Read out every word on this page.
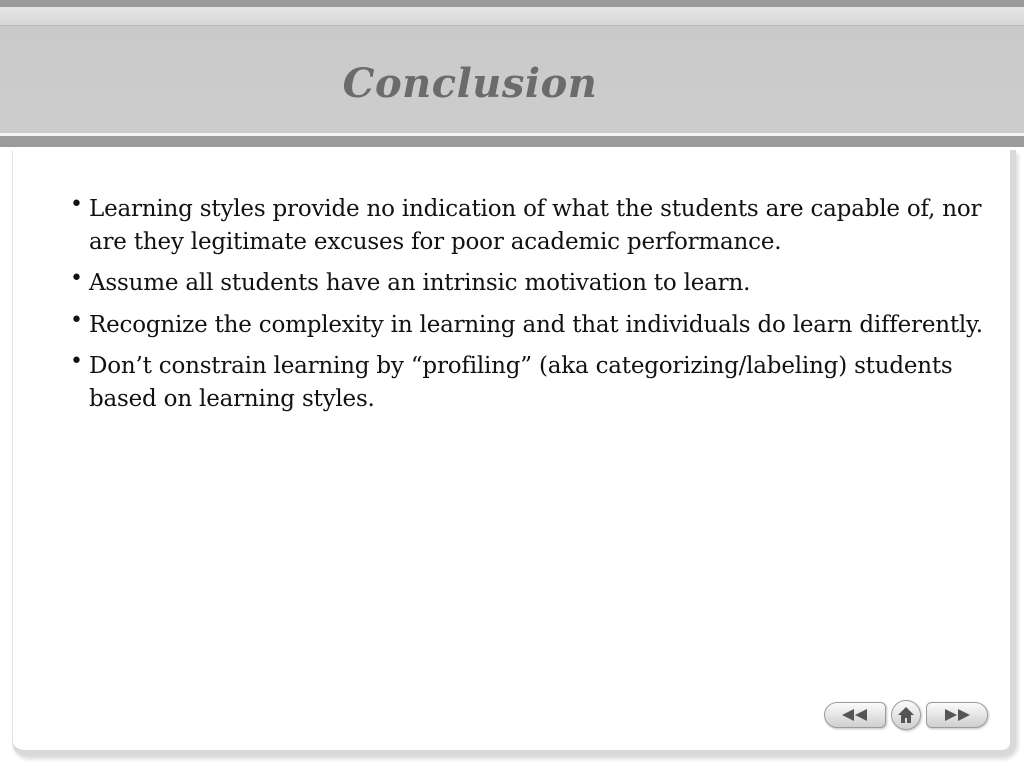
Conclusion
• Learning styles provide no indication of what the students are capable of, nor are they legitimate excuses for poor academic performance.
• Assume all students have an intrinsic motivation to learn.
• Recognize the complexity in learning and that individuals do learn differently.
• Don’t constrain learning by “profiling” (aka categorizing/labeling) students based on learning styles.
